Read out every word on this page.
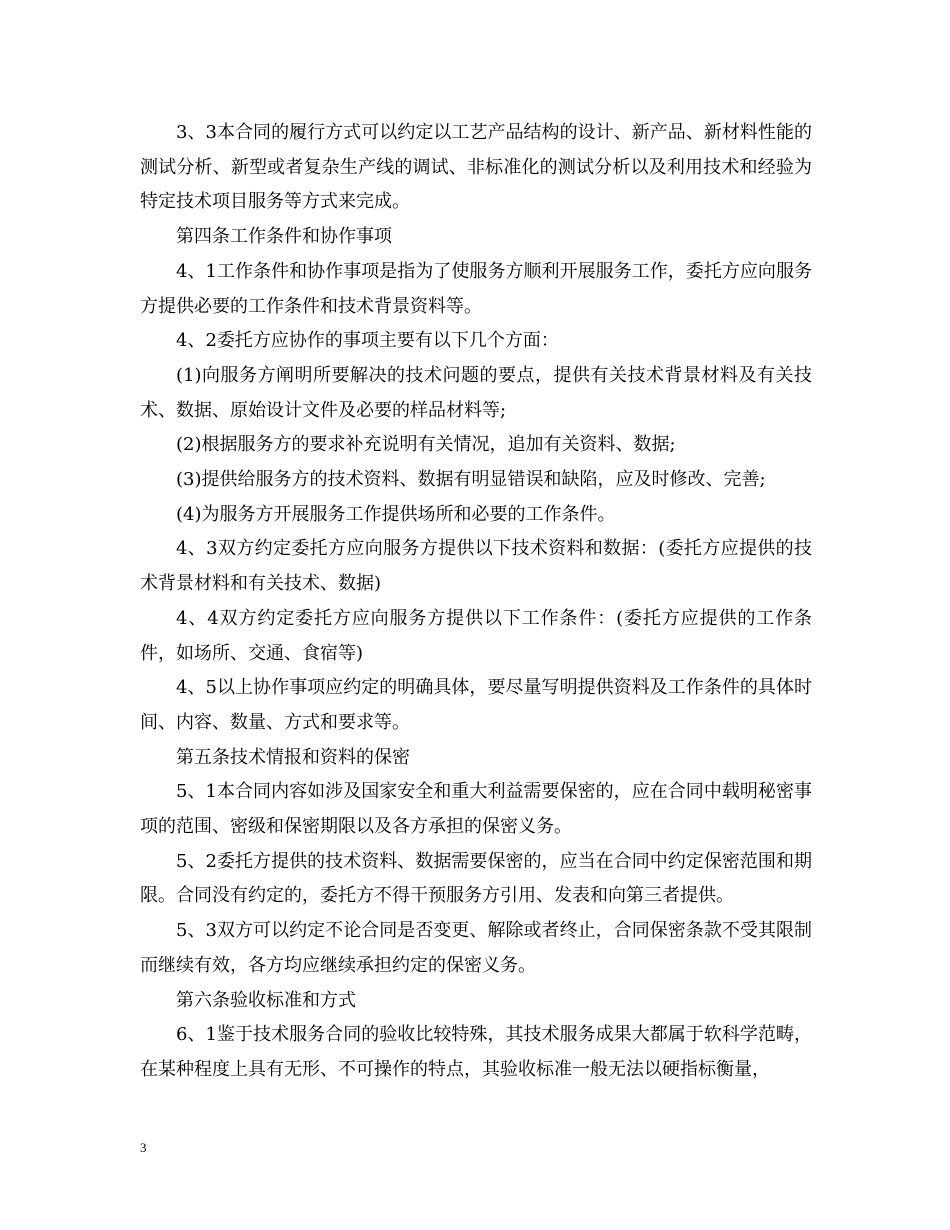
3、3本合同的履行方式可以约定以工艺产品结构的设计、新产品、新材料性能的测试分析、新型或者复杂生产线的调试、非标准化的测试分析以及利用技术和经验为特定技术项目服务等方式来完成。

第四条工作条件和协作事项

4、1工作条件和协作事项是指为了使服务方顺利开展服务工作，委托方应向服务方提供必要的工作条件和技术背景资料等。

4、2委托方应协作的事项主要有以下几个方面：

(1)向服务方阐明所要解决的技术问题的要点，提供有关技术背景材料及有关技术、数据、原始设计文件及必要的样品材料等;

(2)根据服务方的要求补充说明有关情况，追加有关资料、数据;

(3)提供给服务方的技术资料、数据有明显错误和缺陷，应及时修改、完善;

(4)为服务方开展服务工作提供场所和必要的工作条件。

4、3双方约定委托方应向服务方提供以下技术资料和数据：(委托方应提供的技术背景材料和有关技术、数据)

4、4双方约定委托方应向服务方提供以下工作条件：(委托方应提供的工作条件，如场所、交通、食宿等)

4、5以上协作事项应约定的明确具体，要尽量写明提供资料及工作条件的具体时间、内容、数量、方式和要求等。

第五条技术情报和资料的保密

5、1本合同内容如涉及国家安全和重大利益需要保密的，应在合同中载明秘密事项的范围、密级和保密期限以及各方承担的保密义务。

5、2委托方提供的技术资料、数据需要保密的，应当在合同中约定保密范围和期限。合同没有约定的，委托方不得干预服务方引用、发表和向第三者提供。

5、3双方可以约定不论合同是否变更、解除或者终止，合同保密条款不受其限制而继续有效，各方均应继续承担约定的保密义务。

第六条验收标准和方式

6、1鉴于技术服务合同的验收比较特殊，其技术服务成果大都属于软科学范畴，在某种程度上具有无形、不可操作的特点，其验收标准一般无法以硬指标衡量，

3
